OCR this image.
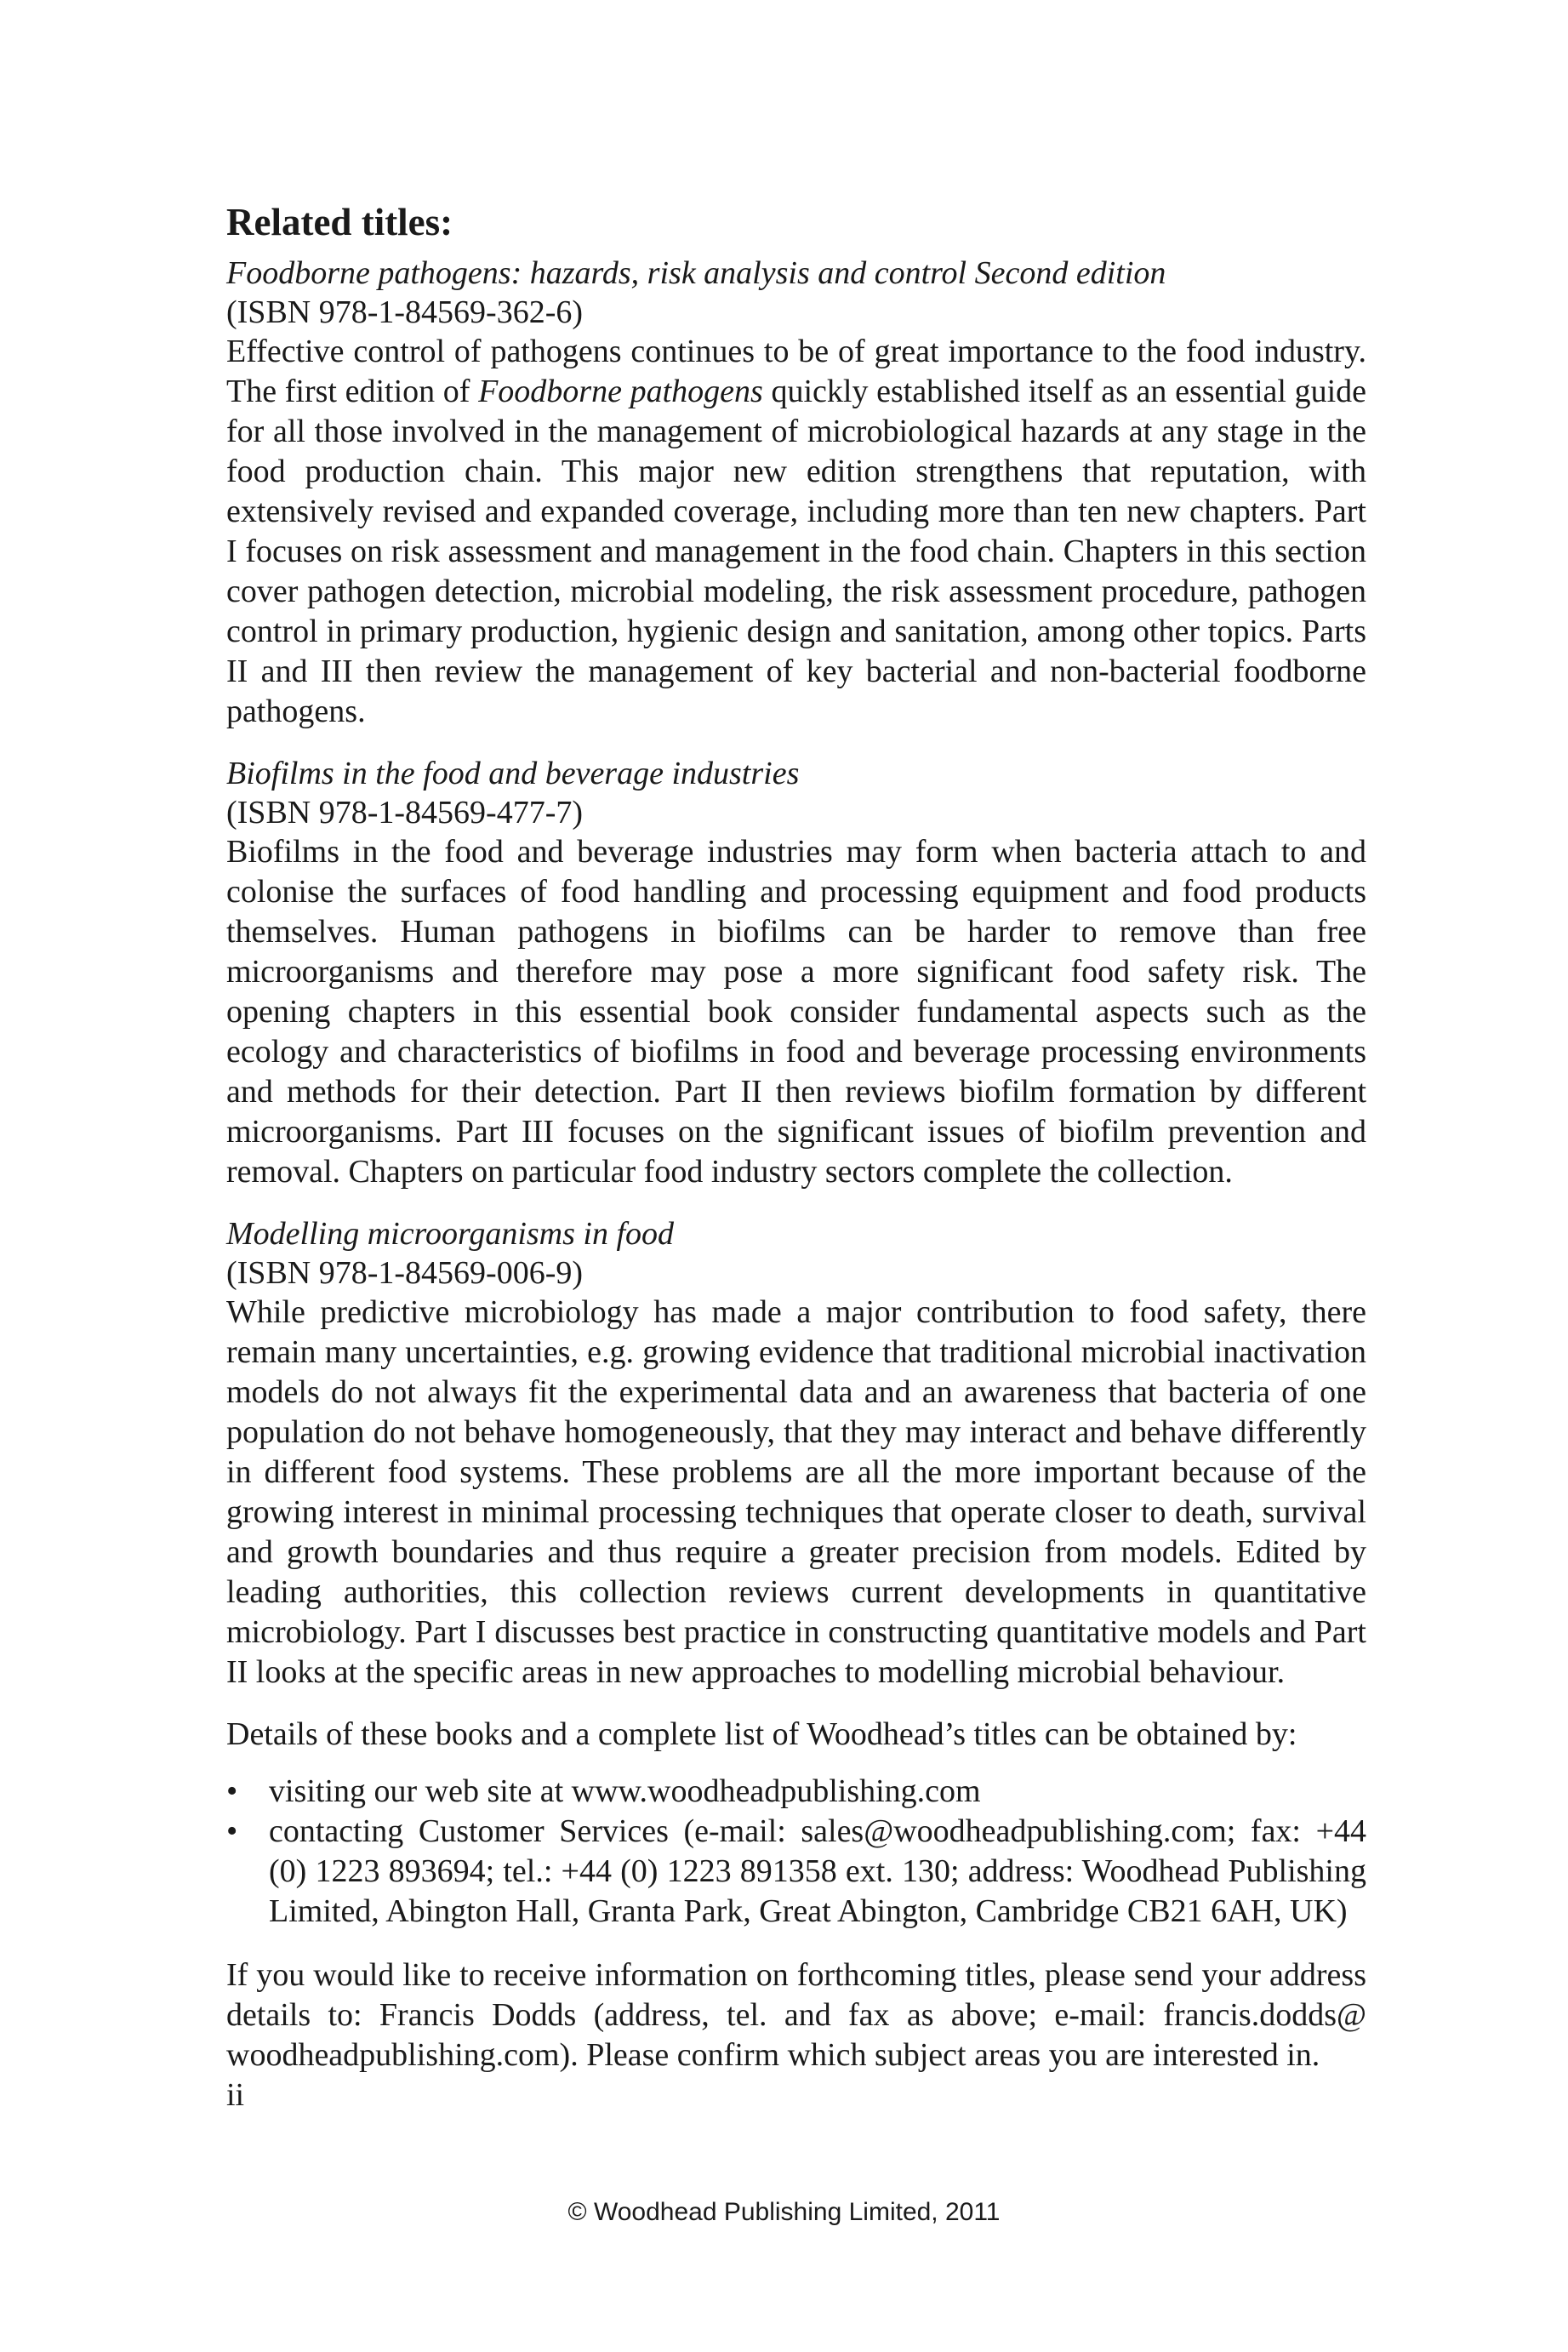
Related titles:

Foodborne pathogens: hazards, risk analysis and control Second edition

(ISBN 978-1-84569-362-6)

Effective control of pathogens continues to be of great importance to the food industry. The first edition of Foodborne pathogens quickly established itself as an essential guide for all those involved in the management of microbiological hazards at any stage in the food production chain. This major new edition strengthens that reputation, with extensively revised and expanded coverage, including more than ten new chapters. Part I focuses on risk assessment and management in the food chain. Chapters in this section cover pathogen detection, microbial modeling, the risk assessment procedure, pathogen control in primary production, hygienic design and sanitation, among other topics. Parts II and III then review the management of key bacterial and non-bacterial foodborne pathogens.

Biofilms in the food and beverage industries

(ISBN 978-1-84569-477-7)

Biofilms in the food and beverage industries may form when bacteria attach to and colonise the surfaces of food handling and processing equipment and food products themselves. Human pathogens in biofilms can be harder to remove than free microorganisms and therefore may pose a more significant food safety risk. The opening chapters in this essential book consider fundamental aspects such as the ecology and characteristics of biofilms in food and beverage processing environments and methods for their detection. Part II then reviews biofilm formation by different microorganisms. Part III focuses on the significant issues of biofilm prevention and removal. Chapters on particular food industry sectors complete the collection.

Modelling microorganisms in food

(ISBN 978-1-84569-006-9)

While predictive microbiology has made a major contribution to food safety, there remain many uncertainties, e.g. growing evidence that traditional microbial inactivation models do not always fit the experimental data and an awareness that bacteria of one population do not behave homogeneously, that they may interact and behave differently in different food systems. These problems are all the more important because of the growing interest in minimal processing techniques that operate closer to death, survival and growth boundaries and thus require a greater precision from models. Edited by leading authorities, this collection reviews current developments in quantitative microbiology. Part I discusses best practice in constructing quantitative models and Part II looks at the specific areas in new approaches to modelling microbial behaviour.

Details of these books and a complete list of Woodhead’s titles can be obtained by:

• visiting our web site at www.woodheadpublishing.com
• contacting Customer Services (e-mail: sales@woodheadpublishing.com; fax: +44 (0) 1223 893694; tel.: +44 (0) 1223 891358 ext. 130; address: Woodhead Publishing Limited, Abington Hall, Granta Park, Great Abington, Cambridge CB21 6AH, UK)

If you would like to receive information on forthcoming titles, please send your address details to: Francis Dodds (address, tel. and fax as above; e-mail: francis.dodds@ woodheadpublishing.com). Please confirm which subject areas you are interested in.

ii

© Woodhead Publishing Limited, 2011
